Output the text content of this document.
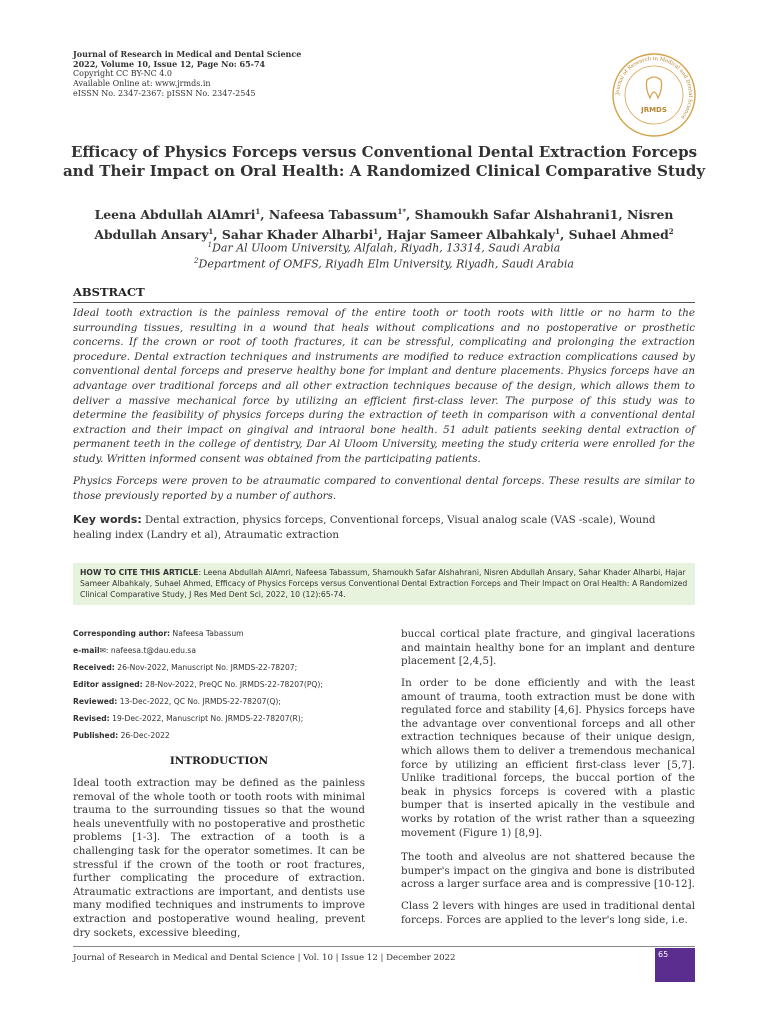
Journal of Research in Medical and Dental Science
2022, Volume 10, Issue 12, Page No: 65-74
Copyright CC BY-NC 4.0
Available Online at: www.jrmds.in
eISSN No. 2347-2367: pISSN No. 2347-2545	Journal of Research in Medical and Dental Science
JRMDS
Efficacy of Physics Forceps versus Conventional Dental Extraction Forceps and Their Impact on Oral Health: A Randomized Clinical Comparative Study
Leena Abdullah AlAmri$^1$, Nafeesa Tabassum$^{1*}$, Shamoukh Safar Alshahrani1, Nisren Abdullah Ansary$^1$, Sahar Khader Alharbi$^1$, Hajar Sameer Albahkaly$^1$, Suhael Ahmed$^2$
$^1$Dar Al Uloom University, Alfalah, Riyadh, 13314, Saudi Arabia
$^2$Department of OMFS, Riyadh Elm University, Riyadh, Saudi Arabia
ABSTRACT
Ideal tooth extraction is the painless removal of the entire tooth or tooth roots with little or no harm to the surrounding tissues, resulting in a wound that heals without complications and no postoperative or prosthetic concerns. If the crown or root of tooth fractures, it can be stressful, complicating and prolonging the extraction procedure. Dental extraction techniques and instruments are modified to reduce extraction complications caused by conventional dental forceps and preserve healthy bone for implant and denture placements. Physics forceps have an advantage over traditional forceps and all other extraction techniques because of the design, which allows them to deliver a massive mechanical force by utilizing an efficient first-class lever. The purpose of this study was to determine the feasibility of physics forceps during the extraction of teeth in comparison with a conventional dental extraction and their impact on gingival and intraoral bone health. 51 adult patients seeking dental extraction of permanent teeth in the college of dentistry, Dar Al Uloom University, meeting the study criteria were enrolled for the study. Written informed consent was obtained from the participating patients.
Physics Forceps were proven to be atraumatic compared to conventional dental forceps. These results are similar to those previously reported by a number of authors.
Key words: Dental extraction, physics forceps, Conventional forceps, Visual analog scale (VAS -scale), Wound healing index (Landry et al), Atraumatic extraction
HOW TO CITE THIS ARTICLE: Leena Abdullah AlAmri, Nafeesa Tabassum, Shamoukh Safar Alshahrani, Nisren Abdullah Ansary, Sahar Khader Alharbi, Hajar Sameer Albahkaly, Suhael Ahmed, Efficacy of Physics Forceps versus Conventional Dental Extraction Forceps and Their Impact on Oral Health: A Randomized Clinical Comparative Study, J Res Med Dent Sci, 2022, 10 (12):65-74.
Corresponding author: Nafeesa Tabassum
e-mail✉: nafeesa.t@dau.edu.sa
Received: 26-Nov-2022, Manuscript No. JRMDS-22-78207;
Editor assigned: 28-Nov-2022, PreQC No. JRMDS-22-78207(PQ);
Reviewed: 13-Dec-2022, QC No. JRMDS-22-78207(Q);
Revised: 19-Dec-2022, Manuscript No. JRMDS-22-78207(R);
Published: 26-Dec-2022
INTRODUCTION
Ideal tooth extraction may be defined as the painless removal of the whole tooth or tooth roots with minimal trauma to the surrounding tissues so that the wound heals uneventfully with no postoperative and prosthetic problems [1-3]. The extraction of a tooth is a challenging task for the operator sometimes. It can be stressful if the crown of the tooth or root fractures, further complicating the procedure of extraction. Atraumatic extractions are important, and dentists use many modified techniques and instruments to improve extraction and postoperative wound healing, prevent dry sockets, excessive bleeding,
buccal cortical plate fracture, and gingival lacerations and maintain healthy bone for an implant and denture placement [2,4,5].
In order to be done efficiently and with the least amount of trauma, tooth extraction must be done with regulated force and stability [4,6]. Physics forceps have the advantage over conventional forceps and all other extraction techniques because of their unique design, which allows them to deliver a tremendous mechanical force by utilizing an efficient first-class lever [5,7]. Unlike traditional forceps, the buccal portion of the beak in physics forceps is covered with a plastic bumper that is inserted apically in the vestibule and works by rotation of the wrist rather than a squeezing movement (Figure 1) [8,9].
The tooth and alveolus are not shattered because the bumper's impact on the gingiva and bone is distributed across a larger surface area and is compressive [10-12].
Class 2 levers with hinges are used in traditional dental forceps. Forces are applied to the lever's long side, i.e.
Journal of Research in Medical and Dental Science | Vol. 10 | Issue 12 | December 2022	65
